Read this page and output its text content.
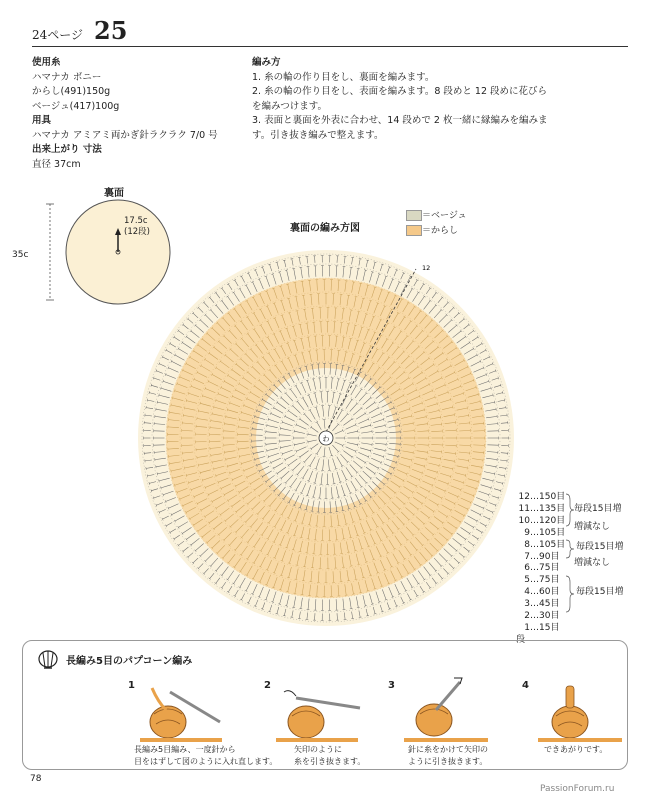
24ページ 25
使用糸
ハマナカ ボニー
からし(491)150g
ベージュ(417)100g
用具
ハマナカ アミアミ両かぎ針ラクラク 7/0 号
出来上がり 寸法
直径 37cm
編み方
1. 糸の輪の作り目をし、裏面を編みます。
2. 糸の輪の作り目をし、表面を編みます。8 段めと 12 段めに花びら
を編みつけます。
3. 表面と裏面を外表に合わせ、14 段めで 2 枚一緒に縁編みを編みま
す。引き抜き編みで整えます。
裏面
35c
17.5c
(12段)	裏面の編み方図
＝ベージュ
＝からし
わ
12
12…150目
11…135目
10…120目
9…105目
8…105目
7…90目
6…75目
5…75目
4…60目
3…45目
2…30目
1…15目
段
毎段15目増
増減なし
毎段15目増
増減なし
毎段15目増
長編み5目のパプコーン編み
1	2	3	4
長編み5目編み、一度針から
目をはずして図のように入れ直します。
矢印のように
糸を引き抜きます。
針に糸をかけて矢印の
ように引き抜きます。
できあがりです。
78
PassionForum.ru
